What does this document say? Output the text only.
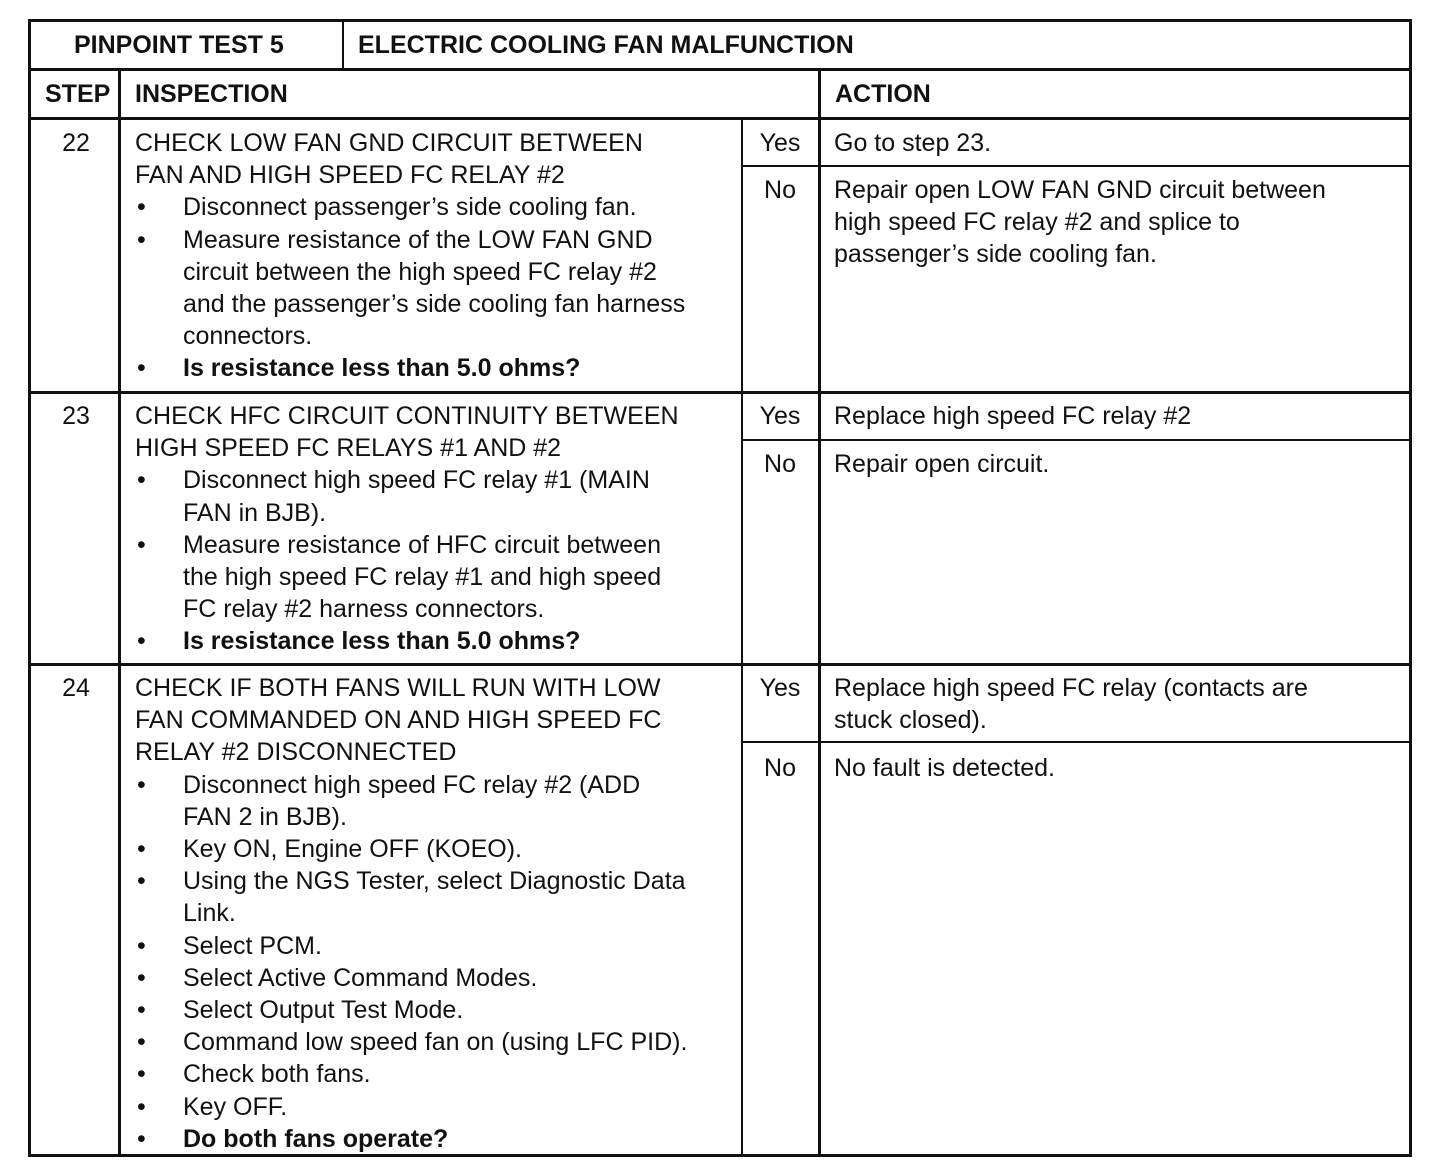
PINPOINT TEST 5	ELECTRIC COOLING FAN MALFUNCTION
STEP INSPECTION	ACTION
22 CHECK LOW FAN GND CIRCUIT BETWEEN
FAN AND HIGH SPEED FC RELAY #2
• Disconnect passenger’s side cooling fan.
• Measure resistance of the LOW FAN GND
circuit between the high speed FC relay #2
and the passenger’s side cooling fan harness
connectors.
• Is resistance less than 5.0 ohms?
Yes Go to step 23.
No Repair open LOW FAN GND circuit between
high speed FC relay #2 and splice to
passenger’s side cooling fan.
23 CHECK HFC CIRCUIT CONTINUITY BETWEEN
HIGH SPEED FC RELAYS #1 AND #2
• Disconnect high speed FC relay #1 (MAIN
FAN in BJB).
• Measure resistance of HFC circuit between
the high speed FC relay #1 and high speed
FC relay #2 harness connectors.
• Is resistance less than 5.0 ohms?
Yes Replace high speed FC relay #2
No Repair open circuit.
24 CHECK IF BOTH FANS WILL RUN WITH LOW
FAN COMMANDED ON AND HIGH SPEED FC
RELAY #2 DISCONNECTED
• Disconnect high speed FC relay #2 (ADD
FAN 2 in BJB).
• Key ON, Engine OFF (KOEO).
• Using the NGS Tester, select Diagnostic Data
Link.
• Select PCM.
• Select Active Command Modes.
• Select Output Test Mode.
• Command low speed fan on (using LFC PID).
• Check both fans.
• Key OFF.
• Do both fans operate?
Yes Replace high speed FC relay (contacts are
stuck closed).
No No fault is detected.
